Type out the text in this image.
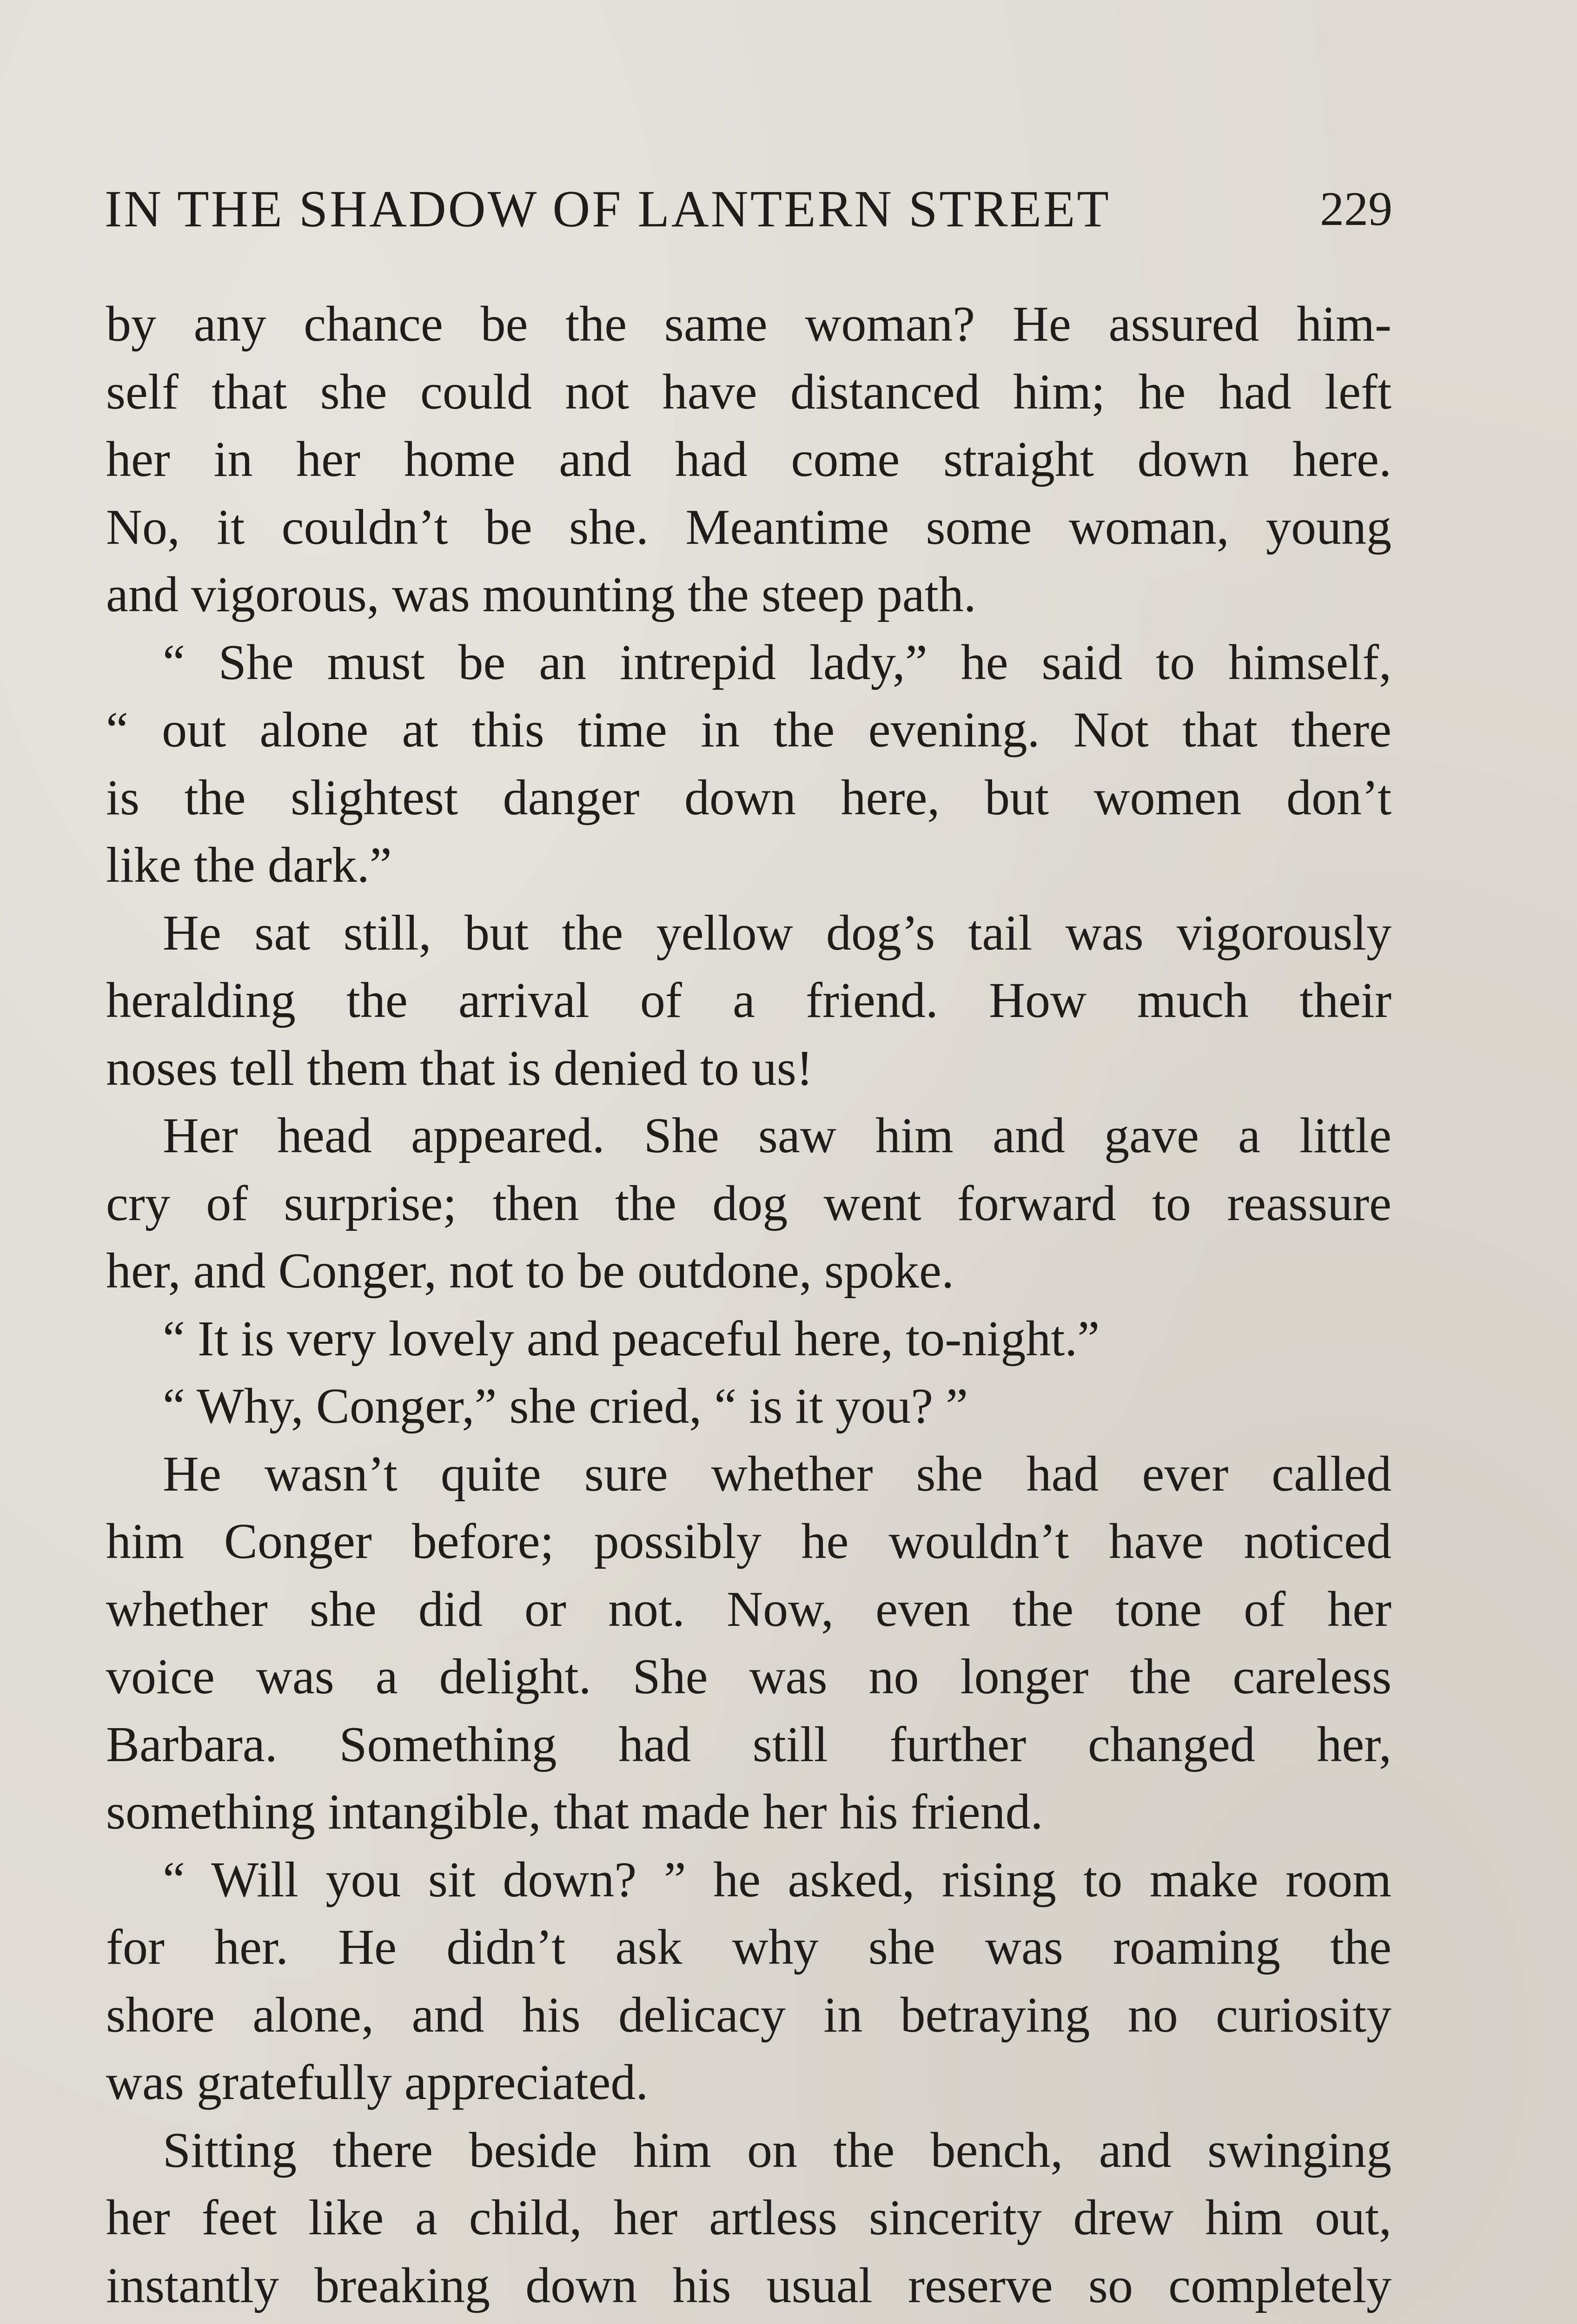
IN THE SHADOW OF LANTERN STREET	229
by any chance be the same woman? He assured him-
self that she could not have distanced him; he had left
her in her home and had come straight down here.
No, it couldn’t be she. Meantime some woman, young
and vigorous, was mounting the steep path.
“ She must be an intrepid lady,” he said to himself,
“ out alone at this time in the evening. Not that there
is the slightest danger down here, but women don’t
like the dark.”
He sat still, but the yellow dog’s tail was vigorously
heralding the arrival of a friend. How much their
noses tell them that is denied to us!
Her head appeared. She saw him and gave a little
cry of surprise; then the dog went forward to reassure
her, and Conger, not to be outdone, spoke.
“ It is very lovely and peaceful here, to-night.”
“ Why, Conger,” she cried, “ is it you? ”
He wasn’t quite sure whether she had ever called
him Conger before; possibly he wouldn’t have noticed
whether she did or not. Now, even the tone of her
voice was a delight. She was no longer the careless
Barbara. Something had still further changed her,
something intangible, that made her his friend.
“ Will you sit down? ” he asked, rising to make room
for her. He didn’t ask why she was roaming the
shore alone, and his delicacy in betraying no curiosity
was gratefully appreciated.
Sitting there beside him on the bench, and swinging
her feet like a child, her artless sincerity drew him out,
instantly breaking down his usual reserve so completely
